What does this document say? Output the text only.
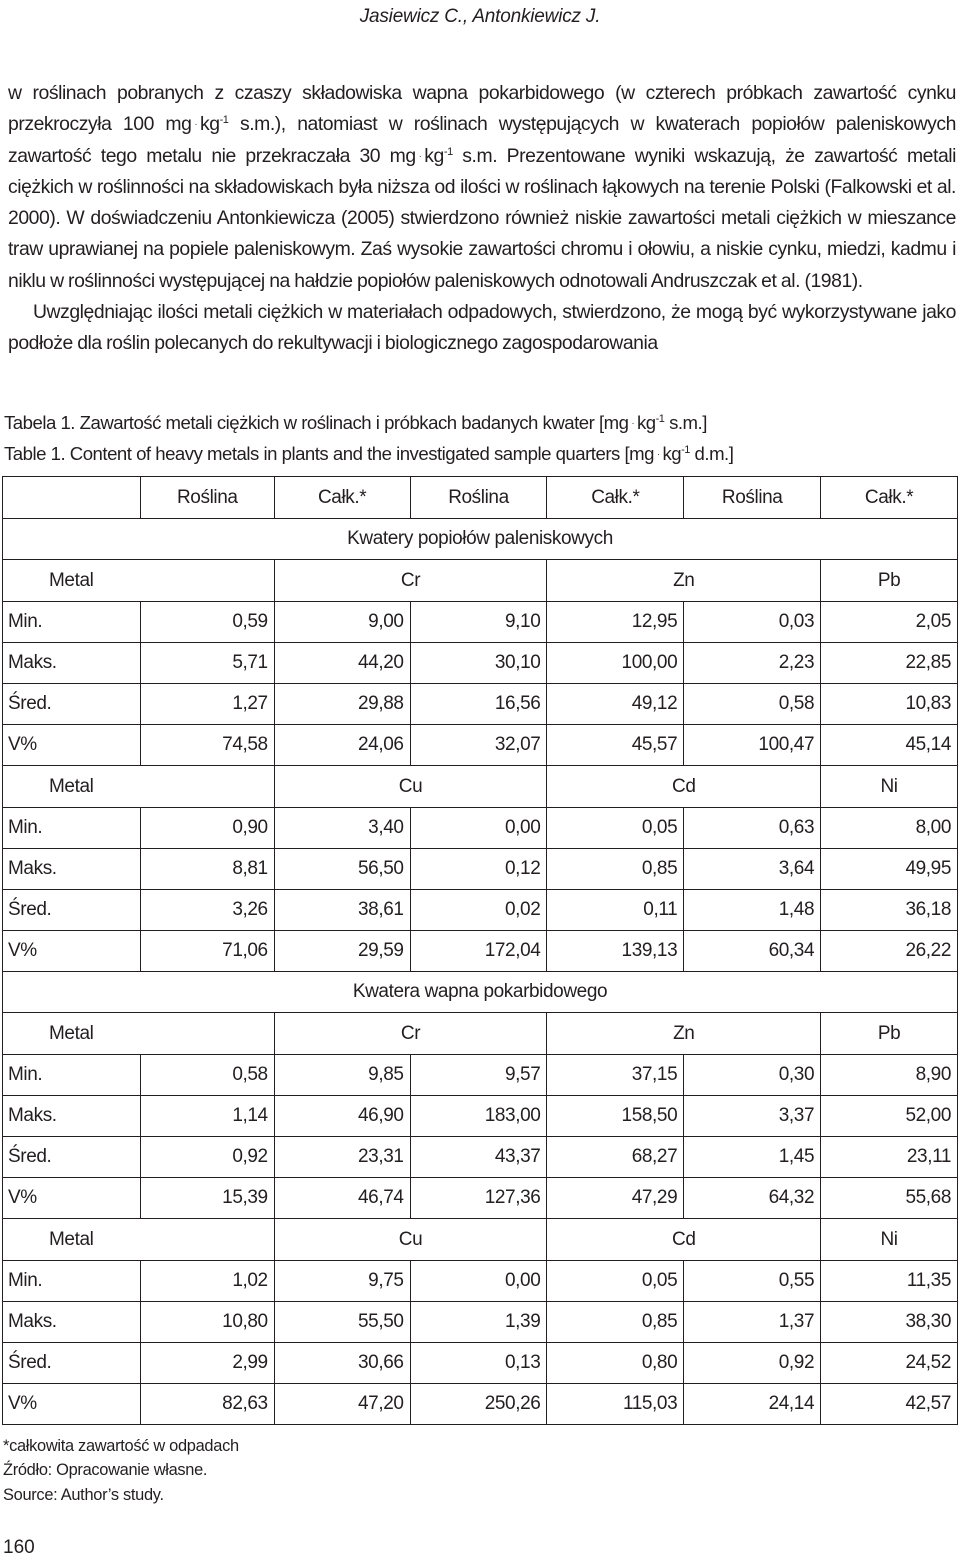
Jasiewicz C., Antonkiewicz J.

w roślinach pobranych z czaszy składowiska wapna pokarbidowego (w czterech próbkach zawartość cynku przekroczyła 100 mg · $kg^{-1}$ s.m.), natomiast w roślinach występujących w kwaterach popiołów paleniskowych zawartość tego metalu nie przekraczała 30 mg · $kg^{-1}$ s.m. Prezentowane wyniki wskazują, że zawartość metali ciężkich w roślinności na składowiskach była niższa od ilości w roślinach łąkowych na terenie Polski (Falkowski et al. 2000). W doświadczeniu Antonkiewicza (2005) stwierdzono również niskie zawartości metali ciężkich w mieszance traw uprawianej na popiele paleniskowym. Zaś wysokie zawartości chromu i ołowiu, a niskie cynku, miedzi, kadmu i niklu w roślinności występującej na hałdzie popiołów paleniskowych odnotowali Andruszczak et al. (1981).

Uwzględniając ilości metali ciężkich w materiałach odpadowych, stwierdzono, że mogą być wykorzystywane jako podłoże dla roślin polecanych do rekultywacji i biologicznego zagospodarowania

Tabela 1. Zawartość metali ciężkich w roślinach i próbkach badanych kwater [$mg \cdot kg^{-1}$ s.m.]
Table 1. Content of heavy metals in plants and the investigated sample quarters [$mg \cdot kg^{-1}$ d.m.]
	Roślina	Całk.*	Roślina	Całk.*	Roślina	Całk.*
Kwatery popiołów paleniskowych						
Metal		Cr		Zn		Pb
Min.	0,59	9,00	9,10	12,95	0,03	2,05
Maks.	5,71	44,20	30,10	100,00	2,23	22,85
Śred.	1,27	29,88	16,56	49,12	0,58	10,83
V%	74,58	24,06	32,07	45,57	100,47	45,14
Metal		Cu		Cd		Ni
Min.	0,90	3,40	0,00	0,05	0,63	8,00
Maks.	8,81	56,50	0,12	0,85	3,64	49,95
Śred.	3,26	38,61	0,02	0,11	1,48	36,18
V%	71,06	29,59	172,04	139,13	60,34	26,22
Kwatera wapna pokarbidowego						
Metal		Cr		Zn		Pb
Min.	0,58	9,85	9,57	37,15	0,30	8,90
Maks.	1,14	46,90	183,00	158,50	3,37	52,00
Śred.	0,92	23,31	43,37	68,27	1,45	23,11
V%	15,39	46,74	127,36	47,29	64,32	55,68
Metal		Cu		Cd		Ni
Min.	1,02	9,75	0,00	0,05	0,55	11,35
Maks.	10,80	55,50	1,39	0,85	1,37	38,30
Śred.	2,99	30,66	0,13	0,80	0,92	24,52
V%	82,63	47,20	250,26	115,03	24,14	42,57
*całkowita zawartość w odpadach
Źródło: Opracowanie własne.
Source: Author’s study.
160
